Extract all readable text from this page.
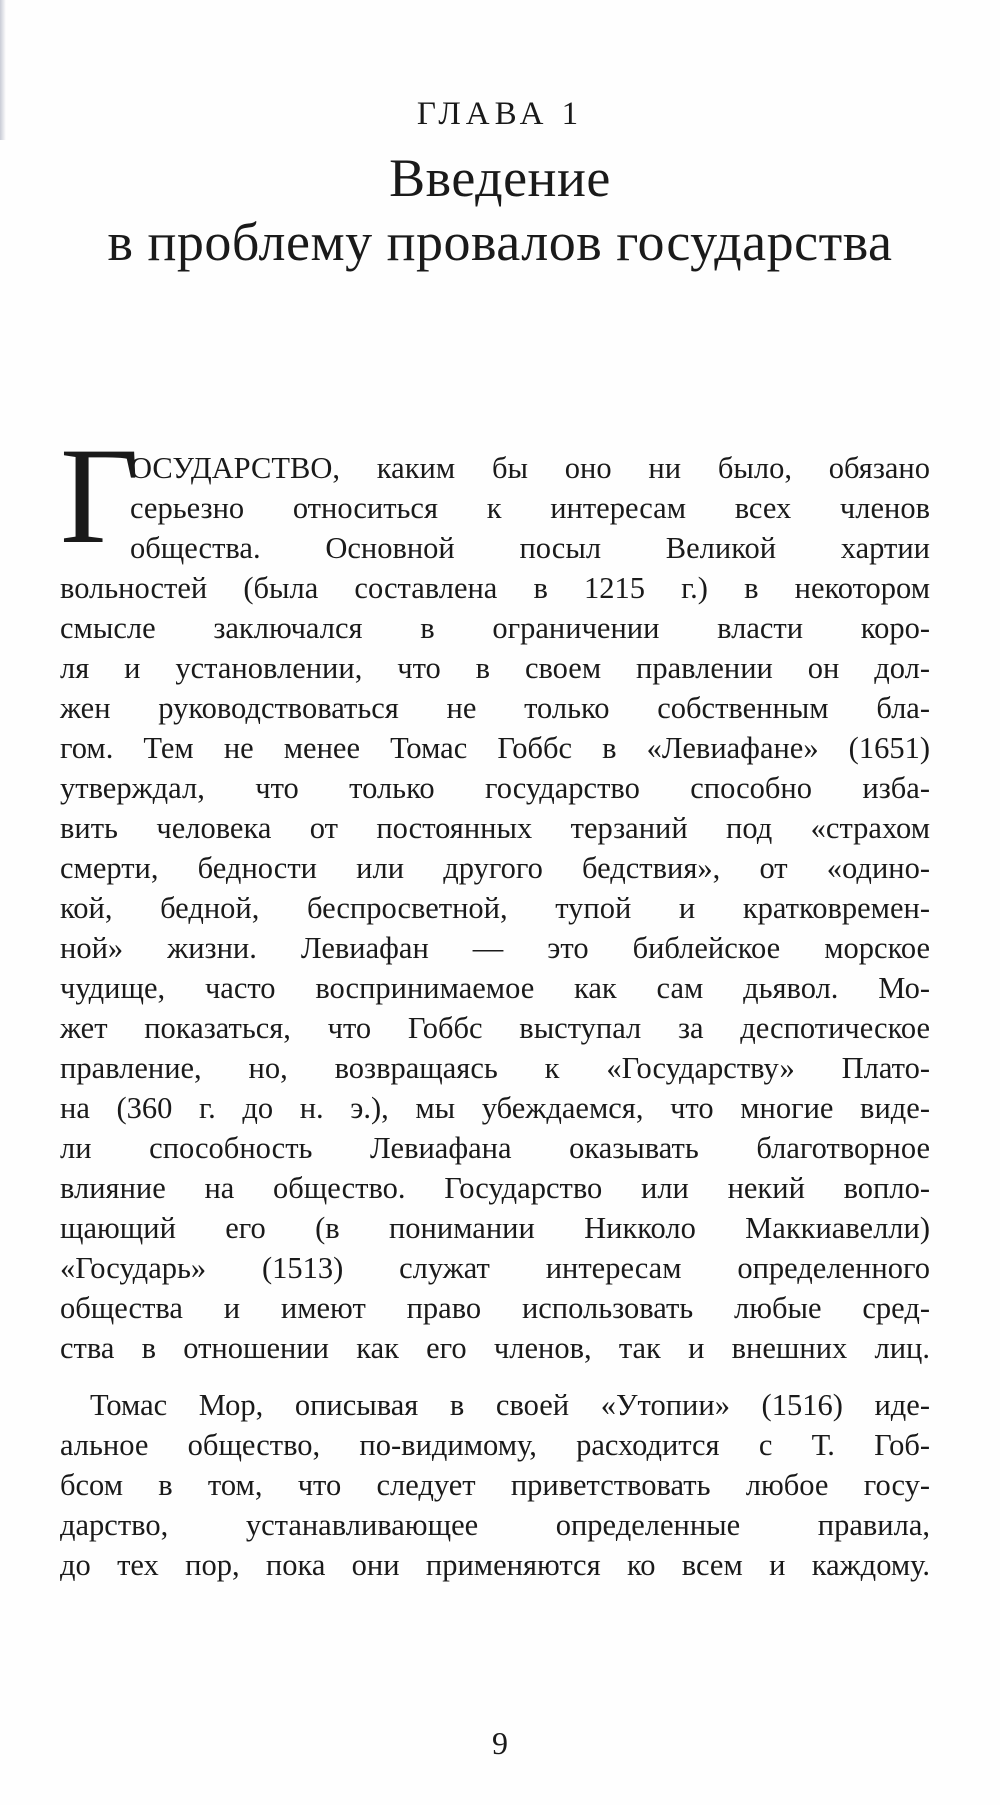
ГЛАВА 1
Введение
в проблему провалов государства
Г
ОСУДАРСТВО, каким бы оно ни было, обязано
серьезно относиться к интересам всех членов
общества. Основной посыл Великой хартии
вольностей (была составлена в 1215 г.) в некотором
смысле заключался в ограничении власти коро-
ля и установлении, что в своем правлении он дол-
жен руководствоваться не только собственным бла-
гом. Тем не менее Томас Гоббс в «Левиафане» (1651)
утверждал, что только государство способно изба-
вить человека от постоянных терзаний под «страхом
смерти, бедности или другого бедствия», от «одино-
кой, бедной, беспросветной, тупой и кратковремен-
ной» жизни. Левиафан — это библейское морское
чудище, часто воспринимаемое как сам дьявол. Мо-
жет показаться, что Гоббс выступал за деспотическое
правление, но, возвращаясь к «Государству» Плато-
на (360 г. до н. э.), мы убеждаемся, что многие виде-
ли способность Левиафана оказывать благотворное
влияние на общество. Государство или некий вопло-
щающий его (в понимании Никколо Маккиавелли)
«Государь» (1513) служат интересам определенного
общества и имеют право использовать любые сред-
ства в отношении как его членов, так и внешних лиц.
Томас Мор, описывая в своей «Утопии» (1516) иде-
альное общество, по-видимому, расходится с Т. Гоб-
бсом в том, что следует приветствовать любое госу-
дарство, устанавливающее определенные правила,
до тех пор, пока они применяются ко всем и каждому.
9
